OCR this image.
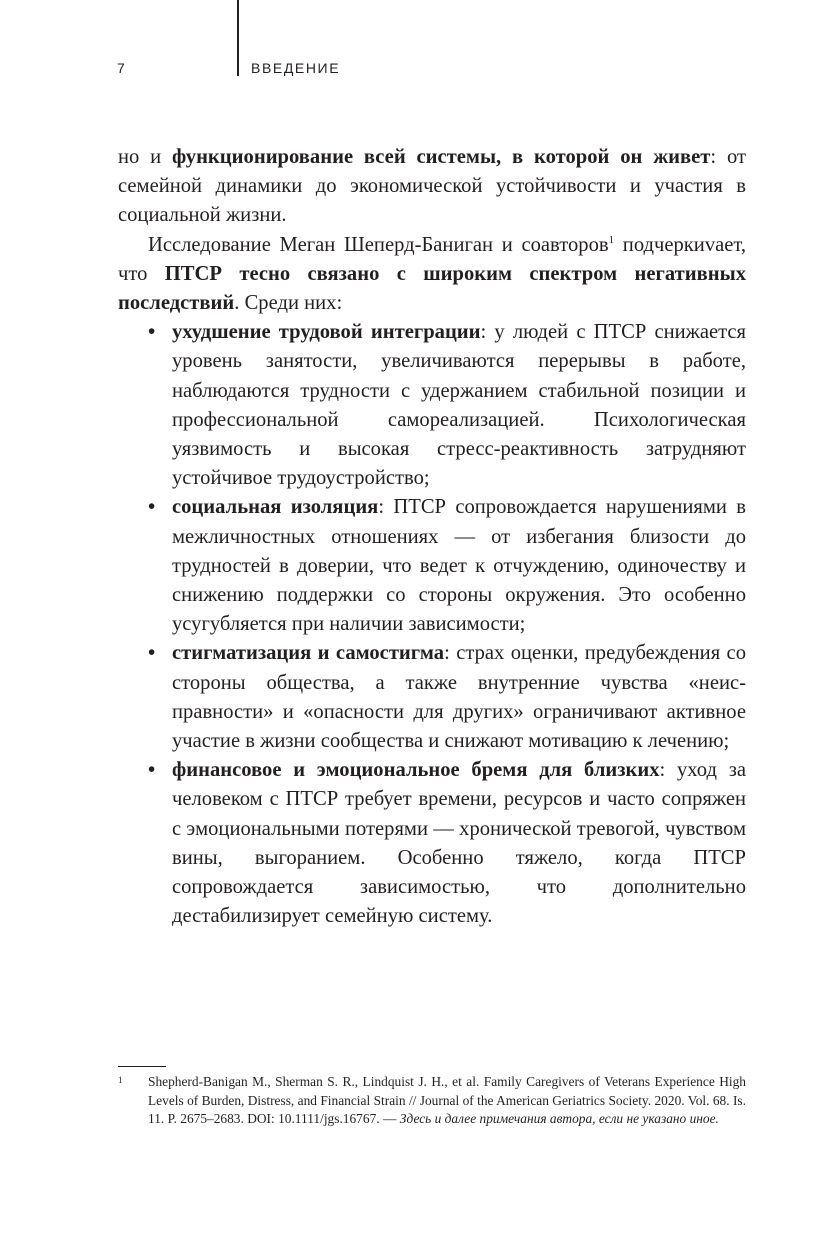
7	ВВЕДЕНИЕ

но и функционирование всей системы, в которой он живет: от семейной динамики до экономической устойчивости и участия в социальной жизни.

Исследование Меган Шеперд-Баниган и соавторов$^1$ подчеркиvает, что ПТСР тесно связано с широким спектром негативных последствий. Среди них:

• ухудшение трудовой интеграции: у людей с ПТСР снижается уровень занятости, увеличиваются перерывы в работе, наблюдаются трудности с удержанием стабильной позиции и профессиональной самореализацией. Психологическая уязвимость и высокая стресс-реактивность затрудняют устойчивое трудоустройство;
• социальная изоляция: ПТСР сопровождается нарушениями в межличностных отношениях — от избегания близости до трудностей в доверии, что ведет к отчуждению, одиночеству и снижению поддержки со стороны окружения. Это особенно усугубляется при наличии зависимости;
• стигматизация и самостигма: страх оценки, предубеждения со стороны общества, а также внутренние чувства «неисправности» и «опасности для других» ограничивают активное участие в жизни сообщества и снижают мотивацию к лечению;
• финансовое и эмоциональное бремя для близких: уход за человеком с ПТСР требует времени, ресурсов и часто сопряжен с эмоциональными потерями — хронической тревогой, чувством вины, выгоранием. Особенно тяжело, когда ПТСР сопровождается зависимостью, что дополнительно дестабилизирует семейную систему.
1 Shepherd-Banigan M., Sherman S. R., Lindquist J. H., et al. Family Caregivers of Veterans Experience High Levels of Burden, Distress, and Financial Strain // Journal of the American Geriatrics Society. 2020. Vol. 68. Is. 11. P. 2675–2683. DOI: 10.1111/jgs.16767. — Здесь и далее примечания автора, если не указано иное.
